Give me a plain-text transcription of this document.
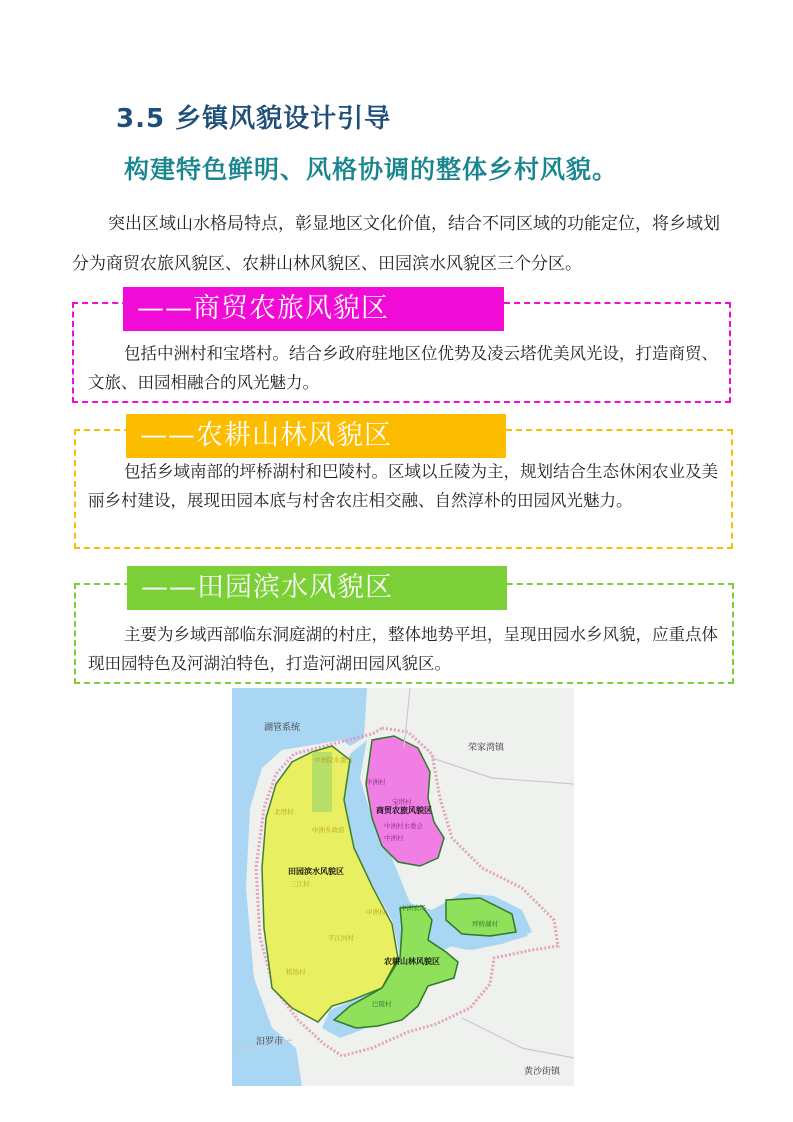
3.5 乡镇风貌设计引导
构建特色鲜明、风格协调的整体乡村风貌。
突出区域山水格局特点，彰显地区文化价值，结合不同区域的功能定位，将乡域划分为商贸农旅风貌区、农耕山林风貌区、田园滨水风貌区三个分区。
——商贸农旅风貌区
包括中洲村和宝塔村。结合乡政府驻地区位优势及凌云塔优美风光设，打造商贸、文旅、田园相融合的风光魅力。
——农耕山林风貌区
包括乡域南部的坪桥湖村和巴陵村。区域以丘陵为主，规划结合生态休闲农业及美丽乡村建设，展现田园本底与村舍农庄相交融、自然淳朴的田园风光魅力。
——田园滨水风貌区
主要为乡域西部临东洞庭湖的村庄，整体地势平坦，呈现田园水乡风貌，应重点体现田园特色及河湖泊特色，打造河湖田园风貌区。
湖管系统
荣家湾镇
汨罗市
黄沙街镇
商贸农旅风貌区
田园滨水风貌区
农耕山林风貌区
中洲院水委会
中洲村
宝塔村
中洲村水委会
中洲村
北塔村
中洲乡政府
三江村
中洲村 中洲农场
坪桥湖村
平江河村
机场村
巴陵村
